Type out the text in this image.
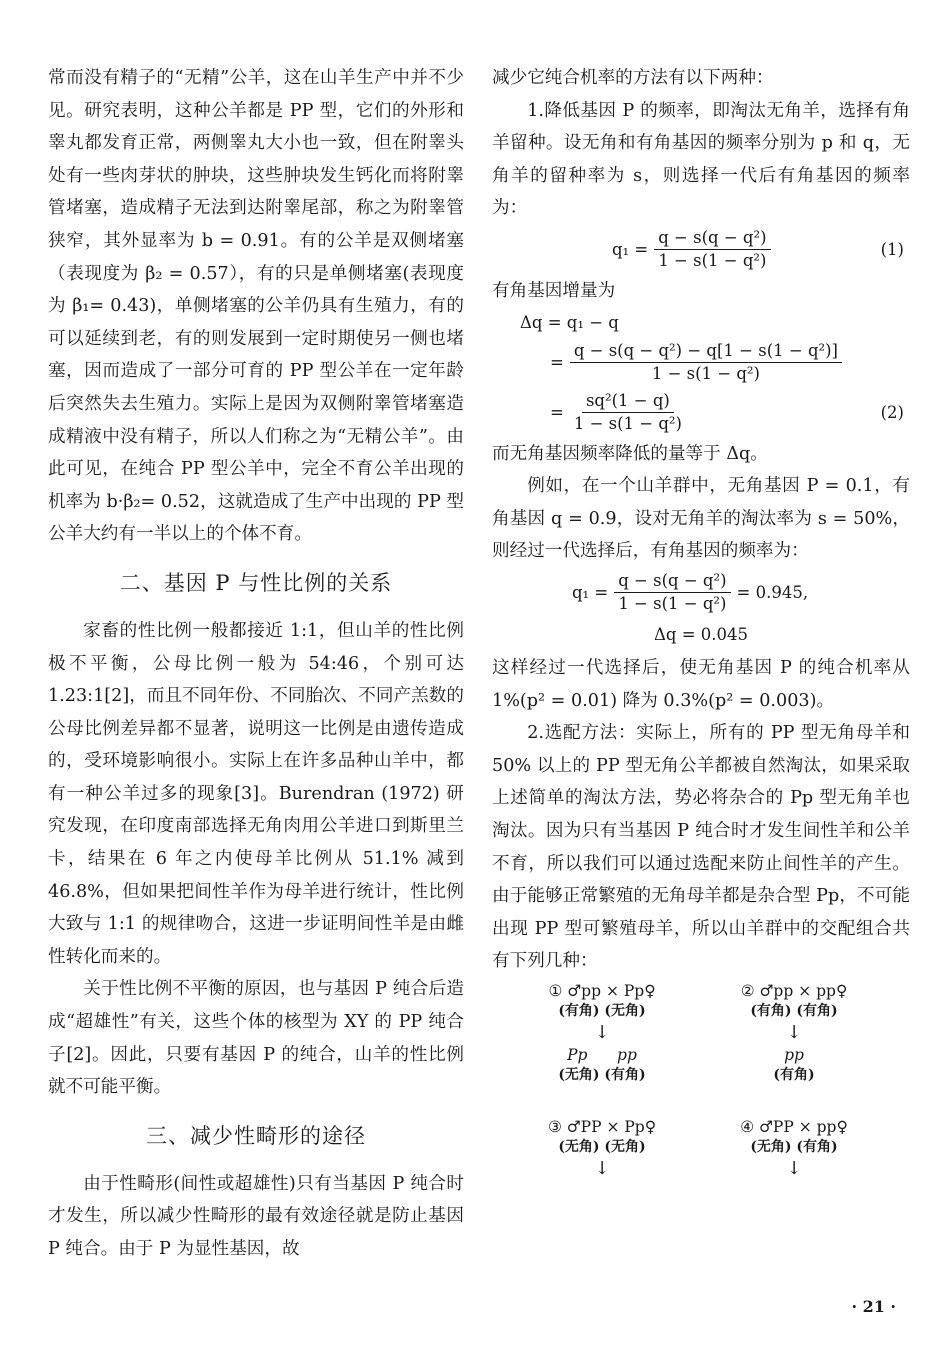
常而没有精子的“无精”公羊，这在山羊生产中并不少见。研究表明，这种公羊都是 PP 型，它们的外形和睾丸都发育正常，两侧睾丸大小也一致，但在附睾头处有一些肉芽状的肿块，这些肿块发生钙化而将附睾管堵塞，造成精子无法到达附睾尾部，称之为附睾管狭窄，其外显率为 b = 0.91。有的公羊是双侧堵塞（表现度为 β₂ = 0.57），有的只是单侧堵塞(表现度为 β₁= 0.43)，单侧堵塞的公羊仍具有生殖力，有的可以延续到老，有的则发展到一定时期使另一侧也堵塞，因而造成了一部分可育的 PP 型公羊在一定年龄后突然失去生殖力。实际上是因为双侧附睾管堵塞造成精液中没有精子，所以人们称之为“无精公羊”。由此可见，在纯合 PP 型公羊中，完全不育公羊出现的机率为 b·β₂= 0.52，这就造成了生产中出现的 PP 型公羊大约有一半以上的个体不育。

二、基因 P 与性比例的关系

家畜的性比例一般都接近 1:1，但山羊的性比例极不平衡，公母比例一般为 54:46，个别可达 1.23:1[2]，而且不同年份、不同胎次、不同产羔数的公母比例差异都不显著，说明这一比例是由遗传造成的，受环境影响很小。实际上在许多品种山羊中，都有一种公羊过多的现象[3]。Burendran (1972) 研究发现，在印度南部选择无角肉用公羊进口到斯里兰卡，结果在 6 年之内使母羊比例从 51.1% 减到 46.8%，但如果把间性羊作为母羊进行统计，性比例大致与 1:1 的规律吻合，这进一步证明间性羊是由雌性转化而来的。

关于性比例不平衡的原因，也与基因 P 纯合后造成“超雄性”有关，这些个体的核型为 XY 的 PP 纯合子[2]。因此，只要有基因 P 的纯合，山羊的性比例就不可能平衡。

三、减少性畸形的途径

由于性畸形(间性或超雄性)只有当基因 P 纯合时才发生，所以减少性畸形的最有效途径就是防止基因 P 纯合。由于 P 为显性基因，故

减少它纯合机率的方法有以下两种：

1.降低基因 P 的频率，即淘汰无角羊，选择有角羊留种。设无角和有角基因的频率分别为 p 和 q，无角羊的留种率为 s，则选择一代后有角基因的频率为：

$q_1 = \frac{\text{q − s(q − q²)}}{\text{1 − s(1 − q²)}}$	(1)

有角基因增量为

Δq = q₁ − q
= $\frac{\text{q − s(q − q²) − q[1 − s(1 − q²)]}}{\text{1 − s(1 − q²)}}$
= $\frac{\text{sq²(1 − q)}}{\text{1 − s(1 − q²)}}$	(2)

而无角基因频率降低的量等于 Δq。

例如，在一个山羊群中，无角基因 P = 0.1，有角基因 q = 0.9，设对无角羊的淘汰率为 s = 50%，则经过一代选择后，有角基因的频率为：

$q_1 = \frac{\text{q − s(q − q²)}}{\text{1 − s(1 − q²)}} = 0.945$,
Δq = 0.045

这样经过一代选择后，使无角基因 P 的纯合机率从 1%(p² = 0.01) 降为 0.3%(p² = 0.003)。

2.选配方法：实际上，所有的 PP 型无角母羊和 50% 以上的 PP 型无角公羊都被自然淘汰，如果采取上述简单的淘汰方法，势必将杂合的 Pp 型无角羊也淘汰。因为只有当基因 P 纯合时才发生间性羊和公羊不育，所以我们可以通过选配来防止间性羊的产生。由于能够正常繁殖的无角母羊都是杂合型 Pp，不可能出现 PP 型可繁殖母羊，所以山羊群中的交配组合共有下列几种：

① ♂pp × Pp♀
(有角) (无角)
↓
Pp      pp
(无角) (有角)
② ♂pp × pp♀
(有角) (有角)
↓
pp
(有角)
③ ♂PP × Pp♀
(无角) (无角)
↓
④ ♂PP × pp♀
(无角) (有角)
↓
· 21 ·
